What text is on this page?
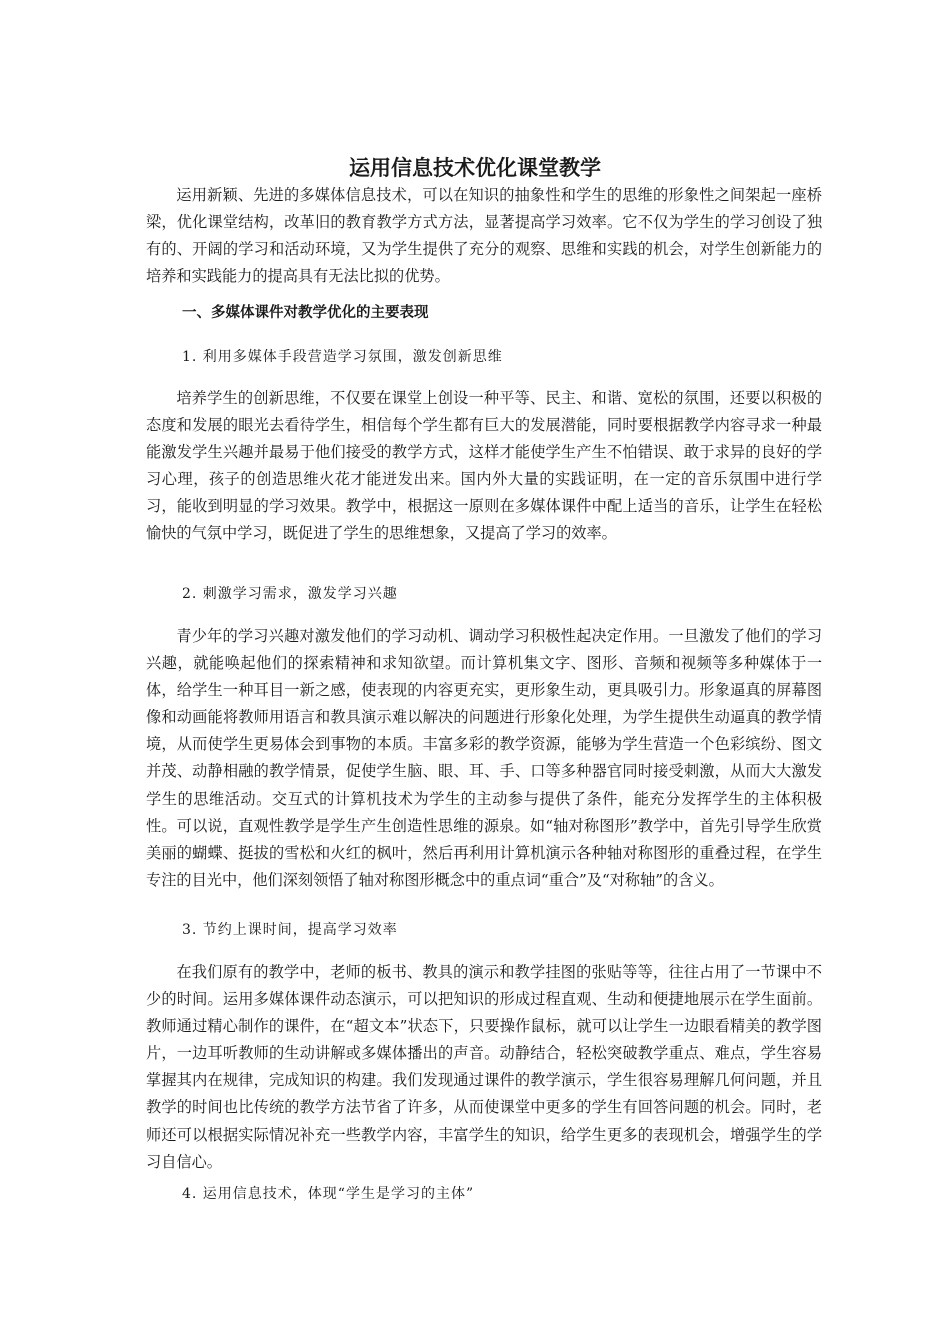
运用信息技术优化课堂教学

运用新颖、先进的多媒体信息技术，可以在知识的抽象性和学生的思维的形象性之间架起一座桥梁，优化课堂结构，改革旧的教育教学方式方法，显著提高学习效率。它不仅为学生的学习创设了独有的、开阔的学习和活动环境，又为学生提供了充分的观察、思维和实践的机会，对学生创新能力的培养和实践能力的提高具有无法比拟的优势。

一、多媒体课件对教学优化的主要表现
1. 利用多媒体手段营造学习氛围，激发创新思维

培养学生的创新思维，不仅要在课堂上创设一种平等、民主、和谐、宽松的氛围，还要以积极的态度和发展的眼光去看待学生，相信每个学生都有巨大的发展潜能，同时要根据教学内容寻求一种最能激发学生兴趣并最易于他们接受的教学方式，这样才能使学生产生不怕错误、敢于求异的良好的学习心理，孩子的创造思维火花才能迸发出来。国内外大量的实践证明，在一定的音乐氛围中进行学习，能收到明显的学习效果。教学中，根据这一原则在多媒体课件中配上适当的音乐，让学生在轻松愉快的气氛中学习，既促进了学生的思维想象，又提高了学习的效率。

2. 刺激学习需求，激发学习兴趣

青少年的学习兴趣对激发他们的学习动机、调动学习积极性起决定作用。一旦激发了他们的学习兴趣，就能唤起他们的探索精神和求知欲望。而计算机集文字、图形、音频和视频等多种媒体于一体，给学生一种耳目一新之感，使表现的内容更充实，更形象生动，更具吸引力。形象逼真的屏幕图像和动画能将教师用语言和教具演示难以解决的问题进行形象化处理，为学生提供生动逼真的教学情境，从而使学生更易体会到事物的本质。丰富多彩的教学资源，能够为学生营造一个色彩缤纷、图文并茂、动静相融的教学情景，促使学生脑、眼、耳、手、口等多种器官同时接受刺激，从而大大激发学生的思维活动。交互式的计算机技术为学生的主动参与提供了条件，能充分发挥学生的主体积极性。可以说，直观性教学是学生产生创造性思维的源泉。如“轴对称图形”教学中，首先引导学生欣赏美丽的蝴蝶、挺拔的雪松和火红的枫叶，然后再利用计算机演示各种轴对称图形的重叠过程，在学生专注的目光中，他们深刻领悟了轴对称图形概念中的重点词“重合”及“对称轴”的含义。

3. 节约上课时间，提高学习效率

在我们原有的教学中，老师的板书、教具的演示和教学挂图的张贴等等，往往占用了一节课中不少的时间。运用多媒体课件动态演示，可以把知识的形成过程直观、生动和便捷地展示在学生面前。教师通过精心制作的课件，在“超文本”状态下，只要操作鼠标，就可以让学生一边眼看精美的教学图片，一边耳听教师的生动讲解或多媒体播出的声音。动静结合，轻松突破教学重点、难点，学生容易掌握其内在规律，完成知识的构建。我们发现通过课件的教学演示，学生很容易理解几何问题，并且教学的时间也比传统的教学方法节省了许多，从而使课堂中更多的学生有回答问题的机会。同时，老师还可以根据实际情况补充一些教学内容，丰富学生的知识，给学生更多的表现机会，增强学生的学习自信心。

4. 运用信息技术，体现“学生是学习的主体”
